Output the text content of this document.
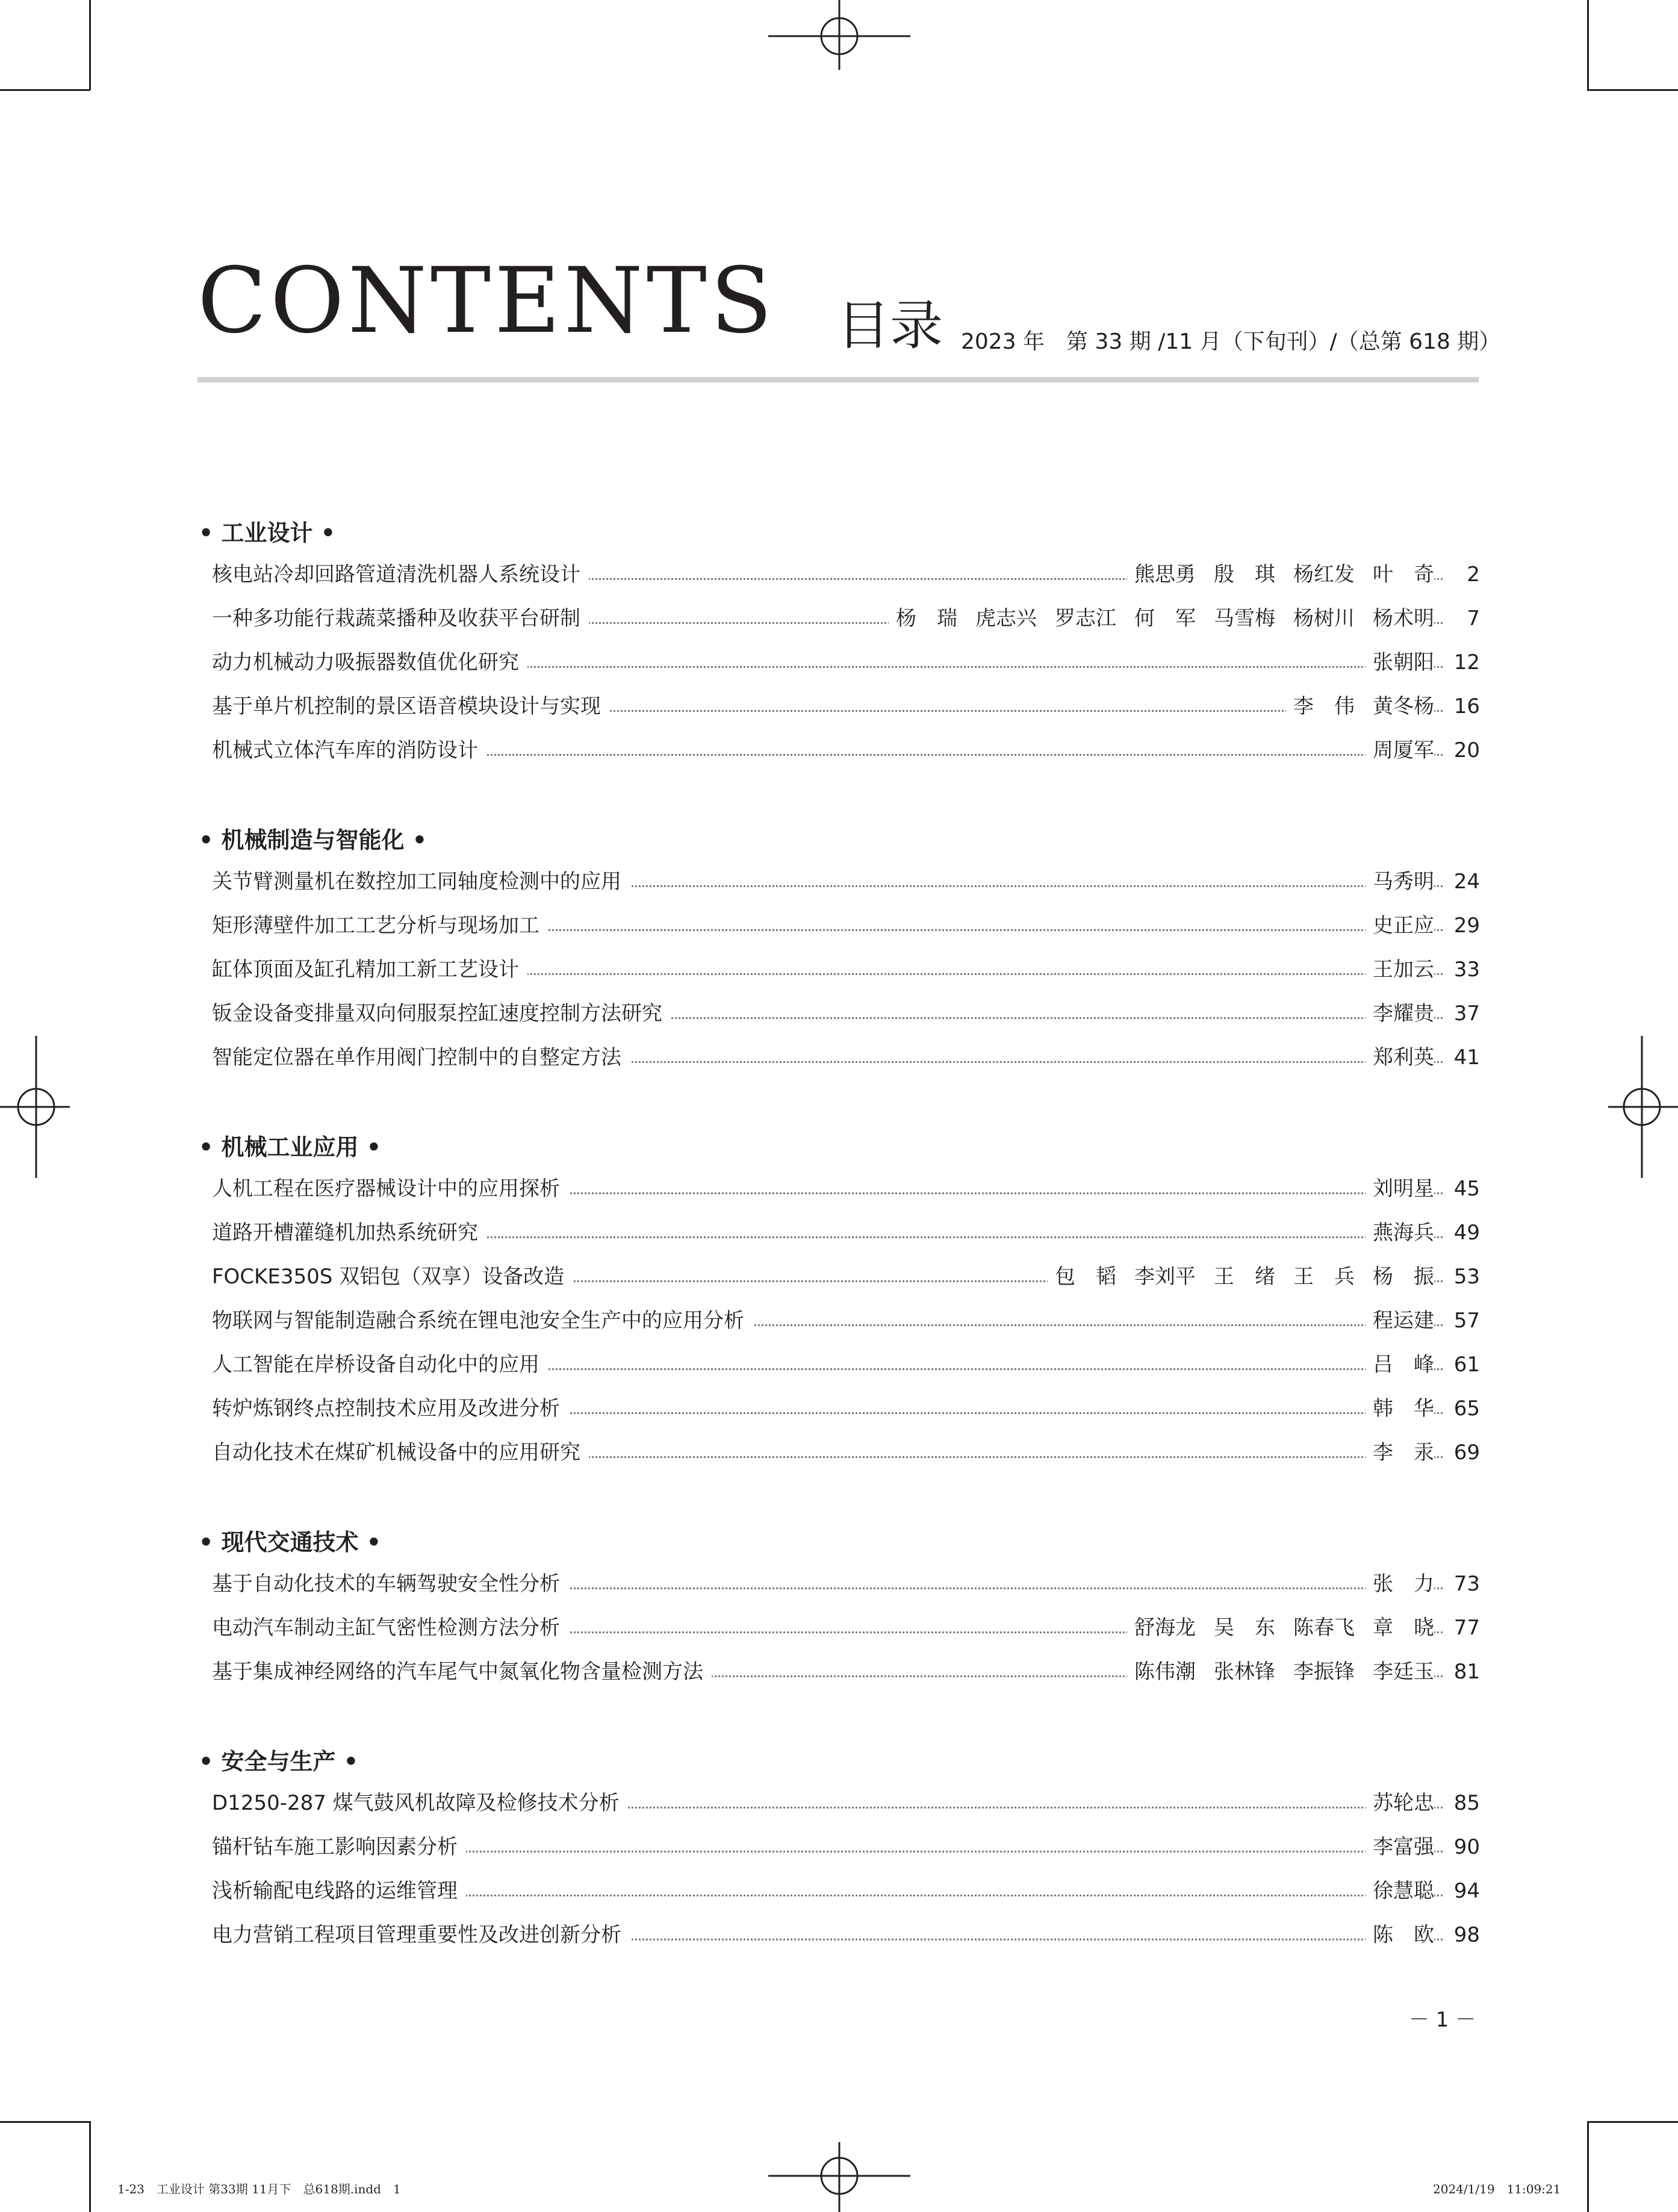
CONTENTS 目录 2023 年　第 33 期 /11 月（下旬刊）/（总第 618 期）
• 工业设计 •
核电站冷却回路管道清洗机器人系统设计	熊思勇 殷　琪 杨红发 叶　奇	2
一种多功能行栽蔬菜播种及收获平台研制	杨　瑞 虎志兴 罗志江 何　军 马雪梅 杨树川 杨术明	7
动力机械动力吸振器数值优化研究	张朝阳 12
基于单片机控制的景区语音模块设计与实现	李　伟 黄冬杨 16
机械式立体汽车库的消防设计	周厦军 20
• 机械制造与智能化 •
关节臂测量机在数控加工同轴度检测中的应用	马秀明 24
矩形薄壁件加工工艺分析与现场加工	史正应 29
缸体顶面及缸孔精加工新工艺设计	王加云 33
钣金设备变排量双向伺服泵控缸速度控制方法研究	李耀贵 37
智能定位器在单作用阀门控制中的自整定方法	郑利英 41
• 机械工业应用 •
人机工程在医疗器械设计中的应用探析	刘明星 45
道路开槽灌缝机加热系统研究	燕海兵 49
FOCKE350S 双铝包（双享）设备改造	包　韬 李刘平 王　绪 王　兵 杨　振 53
物联网与智能制造融合系统在锂电池安全生产中的应用分析	程运建 57
人工智能在岸桥设备自动化中的应用	吕　峰 61
转炉炼钢终点控制技术应用及改进分析	韩　华 65
自动化技术在煤矿机械设备中的应用研究	李　汞 69
• 现代交通技术 •
基于自动化技术的车辆驾驶安全性分析	张　力 73
电动汽车制动主缸气密性检测方法分析	舒海龙 吴　东 陈春飞 章　晓 77
基于集成神经网络的汽车尾气中氮氧化物含量检测方法	陈伟潮 张林锋 李振锋 李廷玉 81
• 安全与生产 •
D1250-287 煤气鼓风机故障及检修技术分析	苏轮忠 85
锚杆钻车施工影响因素分析	李富强 90
浅析输配电线路的运维管理	徐慧聪 94
电力营销工程项目管理重要性及改进创新分析	陈　欧 98
－ 1 －
1-23　工业设计 第33期 11月下　总618期.indd　1	2024/1/19　11:09:21
